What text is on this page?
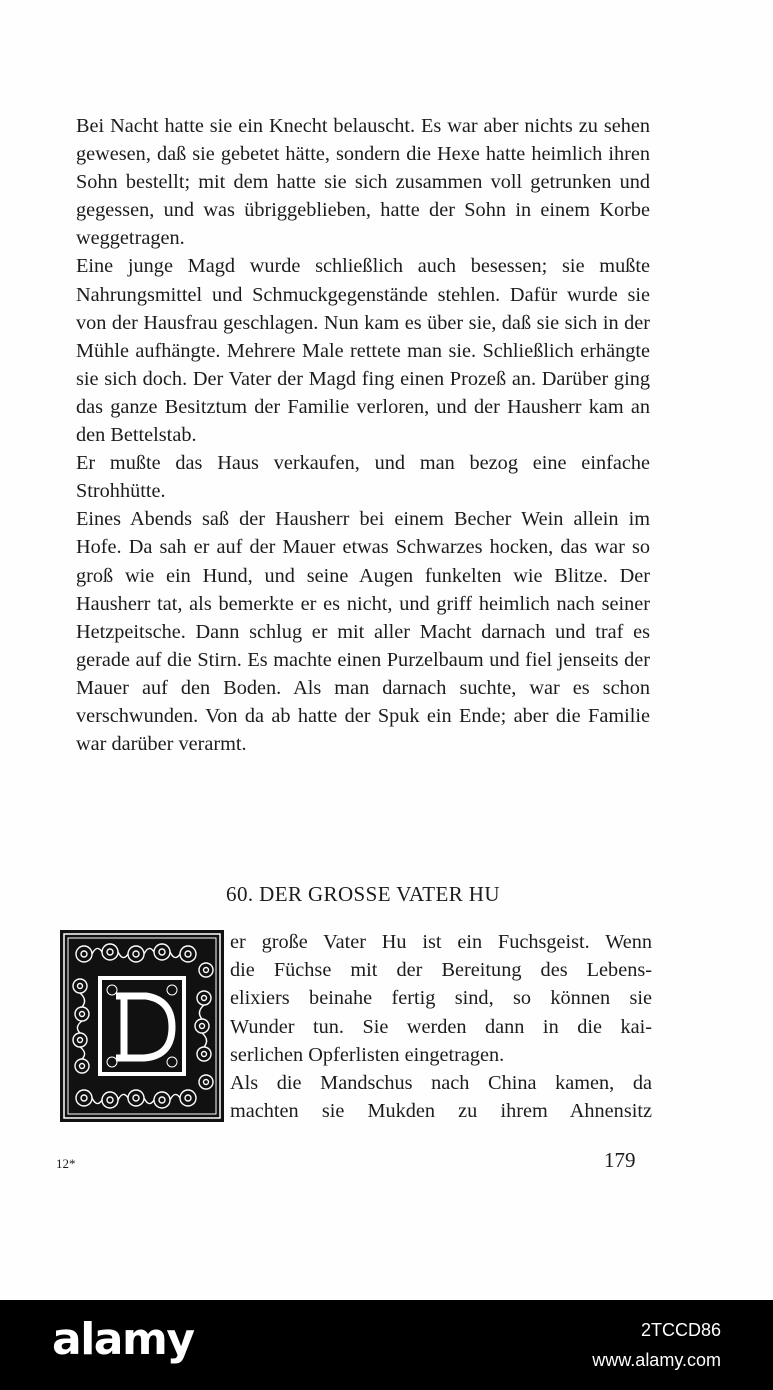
Bei Nacht hatte sie ein Knecht belauscht. Es war aber nichts zu sehen gewesen, daß sie gebetet hätte, sondern die Hexe hatte heimlich ihren Sohn bestellt; mit dem hatte sie sich zusammen voll getrunken und gegessen, und was übriggeblieben, hatte der Sohn in einem Korbe weggetragen.

Eine junge Magd wurde schließlich auch besessen; sie mußte Nahrungsmittel und Schmuckgegenstände stehlen. Dafür wurde sie von der Hausfrau geschlagen. Nun kam es über sie, daß sie sich in der Mühle aufhängte. Mehrere Male rettete man sie. Schließlich erhängte sie sich doch. Der Vater der Magd fing einen Prozeß an. Darüber ging das ganze Besitztum der Familie verloren, und der Hausherr kam an den Bettelstab.

Er mußte das Haus verkaufen, und man bezog eine einfache Strohhütte.

Eines Abends saß der Hausherr bei einem Becher Wein allein im Hofe. Da sah er auf der Mauer etwas Schwarzes hocken, das war so groß wie ein Hund, und seine Augen funkelten wie Blitze. Der Hausherr tat, als bemerkte er es nicht, und griff heimlich nach seiner Hetzpeitsche. Dann schlug er mit aller Macht darnach und traf es gerade auf die Stirn. Es machte einen Purzelbaum und fiel jenseits der Mauer auf den Boden. Als man darnach suchte, war es schon verschwunden. Von da ab hatte der Spuk ein Ende; aber die Familie war darüber verarmt.

60. DER GROSSE VATER HU
er große Vater Hu ist ein Fuchsgeist. Wenn
die Füchse mit der Bereitung des Lebens-
elixiers beinahe fertig sind, so können sie
Wunder tun. Sie werden dann in die kai-
serlichen Opferlisten eingetragen.
Als die Mandschus nach China kamen, da
machten sie Mukden zu ihrem Ahnensitz
12*	179
alamy	2TCCD86
www.alamy.com
